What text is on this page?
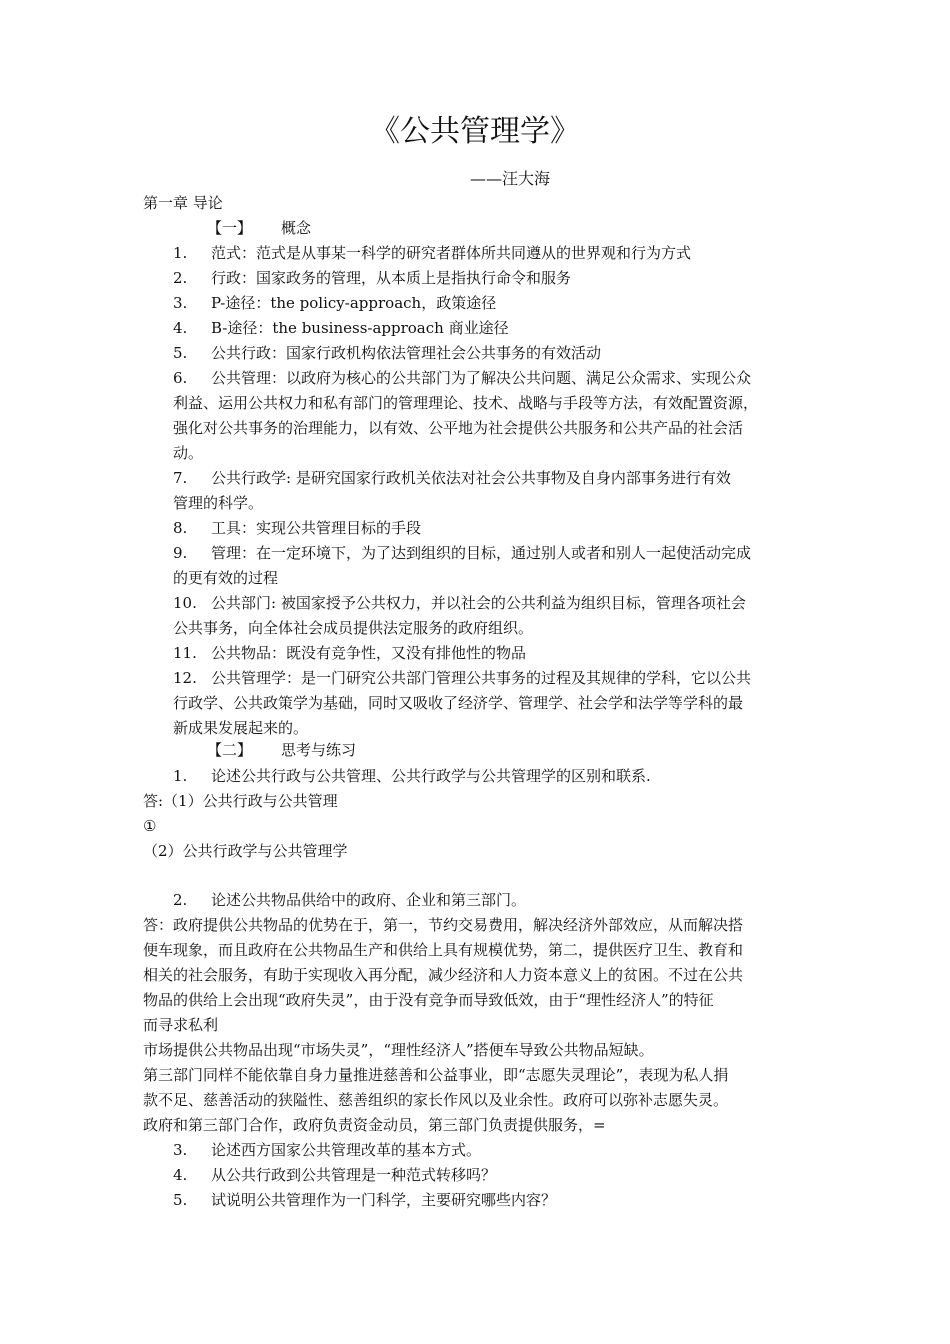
《公共管理学》
——汪大海
第一章 导论
【一】 概念
1. 范式：范式是从事某一科学的研究者群体所共同遵从的世界观和行为方式
2. 行政：国家政务的管理，从本质上是指执行命令和服务
3. P-途径：the policy-approach，政策途径
4. B-途径：the business-approach 商业途径
5. 公共行政：国家行政机构依法管理社会公共事务的有效活动
6. 公共管理：以政府为核心的公共部门为了解决公共问题、满足公众需求、实现公众
利益、运用公共权力和私有部门的管理理论、技术、战略与手段等方法，有效配置资源，
强化对公共事务的治理能力，以有效、公平地为社会提供公共服务和公共产品的社会活
动。
7. 公共行政学: 是研究国家行政机关依法对社会公共事物及自身内部事务进行有效
管理的科学。
8. 工具：实现公共管理目标的手段
9. 管理：在一定环境下，为了达到组织的目标，通过别人或者和别人一起使活动完成
的更有效的过程
10. 公共部门: 被国家授予公共权力，并以社会的公共利益为组织目标，管理各项社会
公共事务，向全体社会成员提供法定服务的政府组织。
11. 公共物品：既没有竞争性，又没有排他性的物品
12. 公共管理学：是一门研究公共部门管理公共事务的过程及其规律的学科，它以公共
行政学、公共政策学为基础，同时又吸收了经济学、管理学、社会学和法学等学科的最
新成果发展起来的。
【二】 思考与练习
1. 论述公共行政与公共管理、公共行政学与公共管理学的区别和联系.
答:（1）公共行政与公共管理
①
（2）公共行政学与公共管理学
2. 论述公共物品供给中的政府、企业和第三部门。
答：政府提供公共物品的优势在于，第一，节约交易费用，解决经济外部效应，从而解决搭
便车现象，而且政府在公共物品生产和供给上具有规模优势，第二，提供医疗卫生、教育和
相关的社会服务，有助于实现收入再分配，减少经济和人力资本意义上的贫困。不过在公共
物品的供给上会出现“政府失灵”，由于没有竞争而导致低效，由于“理性经济人”的特征
而寻求私利
市场提供公共物品出现“市场失灵”，“理性经济人”搭便车导致公共物品短缺。
第三部门同样不能依靠自身力量推进慈善和公益事业，即“志愿失灵理论”，表现为私人捐
款不足、慈善活动的狭隘性、慈善组织的家长作风以及业余性。政府可以弥补志愿失灵。
政府和第三部门合作，政府负责资金动员，第三部门负责提供服务，=
3. 论述西方国家公共管理改革的基本方式。
4. 从公共行政到公共管理是一种范式转移吗？
5. 试说明公共管理作为一门科学，主要研究哪些内容？
